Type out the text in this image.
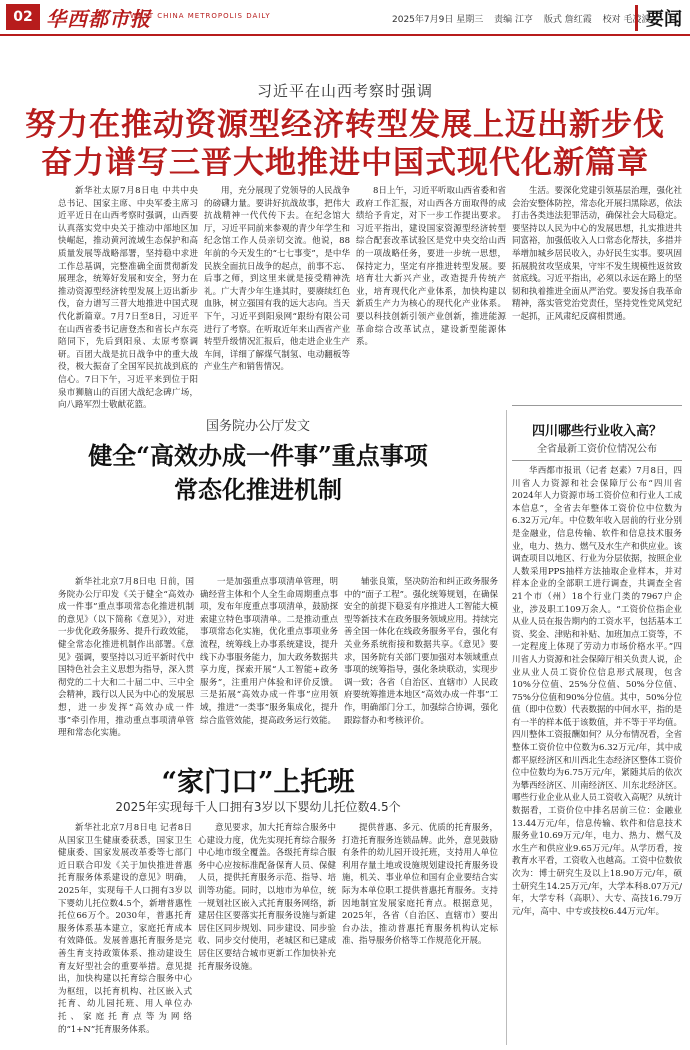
02 华西都市报
WEST CHINA METROPOLIS DAILY	2025年7月9日 星期三 责编 江亨 版式 詹红霞 校对 毛凌波
要闻
习近平在山西考察时强调
努力在推动资源型经济转型发展上迈出新步伐
奋力谱写三晋大地推进中国式现代化新篇章

新华社太原7月8日电 中共中央总书记、国家主席、中央军委主席习近平近日在山西考察时强调，山西要认真落实党中央关于推动中部地区加快崛起，推动黄河流域生态保护和高质量发展等战略部署，坚持稳中求进工作总基调，完整准确全面贯彻新发展理念，统筹好发展和安全，努力在推动资源型经济转型发展上迈出新步伐，奋力谱写三晋大地推进中国式现代化新篇章。7月7日至8日，习近平在山西省委书记唐登杰和省长卢东亮陪同下，先后到阳泉、太原考察调研。百团大战是抗日战争中的重大战役，极大振奋了全国军民抗战到底的信心。7日下午，习近平来到位于阳泉市狮脑山的百团大战纪念碑广场，向八路军烈士敬献花篮。

用，充分展现了党领导的人民战争的磅礴力量。要讲好抗战故事，把伟大抗战精神一代代传下去。在纪念馆大厅，习近平同前来参观的青少年学生和纪念馆工作人员亲切交流。他说，88年前的今天发生的“七七事变”，是中华民族全面抗日战争的起点，前事不忘、后事之师，到这里来就是接受精神洗礼。广大青少年生逢其时，要赓续红色血脉，树立强国有我的远大志向。当天下午，习近平到阳泉网“跟纷有限公司进行了考察。在听取近年来山西省产业转型升级情况汇报后，他走进企业生产车间，详细了解煤气制氢、电动翻板等产业生产和销售情况。

8日上午，习近平听取山西省委和省政府工作汇报，对山西各方面取得的成绩给予肯定，对下一步工作提出要求。习近平指出，建设国家资源型经济转型综合配套改革试验区是党中央交给山西的一项战略任务，要进一步统一思想，保持定力，坚定有序推进转型发展。要培育壮大新兴产业，改造提升传统产业，培育现代化产业体系，加快构建以新质生产力为核心的现代化产业体系。要以科技创新引领产业创新，推进能源革命综合改革试点，建设新型能源体系。

生活。要深化党建引领基层治理，强化社会治安整体防控，常态化开展扫黑除恶，依法打击各类违法犯罪活动，确保社会大局稳定。要坚持以人民为中心的发展思想，扎实推进共同富裕，加强低收入人口常态化帮扶，多措并举增加城乡居民收入，办好民生实事。要巩固拓展脱贫攻坚成果，守牢不发生规模性返贫致贫底线。习近平指出，必须以永远在路上的坚韧和执着推进全面从严治党。要发扬自我革命精神，落实管党治党责任，坚持党性党风党纪一起抓，正风肃纪反腐相贯通。

国务院办公厅发文
健全“高效办成一件事”重点事项
常态化推进机制

新华社北京7月8日电 日前，国务院办公厅印发《关于健全“高效办成一件事”重点事项常态化推进机制的意见》（以下简称《意见》），对进一步优化政务服务、提升行政效能，健全常态化推进机制作出部署。《意见》强调，要坚持以习近平新时代中国特色社会主义思想为指导，深入贯彻党的二十大和二十届二中、三中全会精神，践行以人民为中心的发展思想，进一步发挥“高效办成一件事”牵引作用，推动重点事项清单管理和常态化实施。

一是加强重点事项清单管理，明确经营主体和个人全生命周期重点事项，发布年度重点事项清单，鼓励探索建立特色事项清单。二是推动重点事项常态化实施，优化重点事项业务流程，统筹线上办事系统建设，提升线下办事服务能力，加大政务数据共享力度，探索开展“人工智能+政务服务”，注重用户体验和评价反馈。三是拓展“高效办成一件事”应用领域，推进“一类事”服务集成化，提升综合监管效能，提高政务运行效能。

辅张良策，坚决防治和纠正政务服务中的“面子工程”。强化统筹规划，在确保安全的前提下稳妥有序推进人工智能大模型等新技术在政务服务领域应用。持续完善全国一体化在线政务服务平台，强化有关业务系统衔接和数据共享。《意见》要求，国务院有关部门要加强对本领域重点事项的统筹指导，强化条块联动，实现步调一致；各省（自治区、直辖市）人民政府要统筹推进本地区“高效办成一件事”工作，明确部门分工，加强综合协调，强化跟踪督办和考核评价。

“家门口”上托班
2025年实现每千人口拥有3岁以下婴幼儿托位数4.5个

新华社北京7月8日电 记者8日从国家卫生健康委获悉，国家卫生健康委、国家发展改革委等七部门近日联合印发《关于加快推进普惠托育服务体系建设的意见》明确，2025年，实现每千人口拥有3岁以下婴幼儿托位数4.5个，新增普惠性托位66万个。2030年，普惠托育服务体系基本建立，家庭托育成本有效降低。发展普惠托育服务是完善生育支持政策体系、推动建设生育友好型社会的重要举措。意见提出，加快构建以托育综合服务中心为枢纽，以托育机构、社区嵌入式托育、幼儿园托班、用人单位办托、家庭托育点等为网络的“1+N”托育服务体系。

意见要求，加大托育综合服务中心建设力度，优先实现托育综合服务中心地市级全覆盖。各级托育综合服务中心应按标准配备保育人员、保健人员，提供托育服务示范、指导、培训等功能。同时，以地市为单位，统一规划社区嵌入式托育服务网络，新建居住区要落实托育服务设施与新建居住区同步规划、同步建设、同步验收、同步交付使用，老城区和已建成居住区要结合城市更新工作加快补充托育服务设施。

提供普惠、多元、优质的托育服务，打造托育服务连锁品牌。此外，意见鼓励有条件的幼儿园开设托班，支持用人单位利用存量土地或设施规划建设托育服务设施，机关、事业单位和国有企业要结合实际为本单位职工提供普惠托育服务。支持因地制宜发展家庭托育点。根据意见，2025年，各省（自治区、直辖市）要出台办法，推动普惠托育服务机构认定标准、指导服务价格等工作规范化开展。

四川哪些行业收入高？
全省最新工资价位情况公布

华西都市报讯（记者 赵素）7月8日，四川省人力资源和社会保障厅公布“四川省2024年人力资源市场工资价位和行业人工成本信息”，全省去年整体工资价位中位数为6.32万元/年。中位数年收入居前的行业分别是金融业，信息传输、软件和信息技术服务业，电力、热力、燃气及水生产和供应业。该调查项目以地区、行业为分层依据，按照企业人数采用PPS抽样方法抽取企业样本，并对样本企业的全部职工进行调查，共调查全省21个市（州）18个行业门类的7967户企业，涉及职工109万余人。“工资价位指企业从业人员在报告期内的工资水平，包括基本工资、奖金、津贴和补贴、加班加点工资等，不一定程度上体现了劳动力市场价格水平。”四川省人力资源和社会保障厅相关负责人说，企业从业人员工资价位信息形式展现，包含10%分位值、25%分位值、50%分位值、75%分位值和90%分位值。其中，50%分位值（即中位数）代表数据的中间水平，指的是有一半的样本低于该数值，并不等于平均值。四川整体工资报酬如何？从分布情况看，全省整体工资价位中位数为6.32万元/年，其中成都平原经济区和川西北生态经济区整体工资价位中位数均为6.75万元/年，紧随其后的依次为攀西经济区、川南经济区、川东北经济区。哪些行业企业从业人员工资收入高呢？从统计数据看，工资价位中排名居前三位：金融业13.44万元/年，信息传输、软件和信息技术服务业10.69万元/年，电力、热力、燃气及水生产和供应业9.65万元/年。从学历看，按教育水平看，工资收入也越高。工资中位数依次为：博士研究生及以上18.90万元/年，硕士研究生14.25万元/年，大学本科8.07万元/年，大学专科（高职）、大专、高技16.79万元/年，高中、中专或技校6.44万元/年。
